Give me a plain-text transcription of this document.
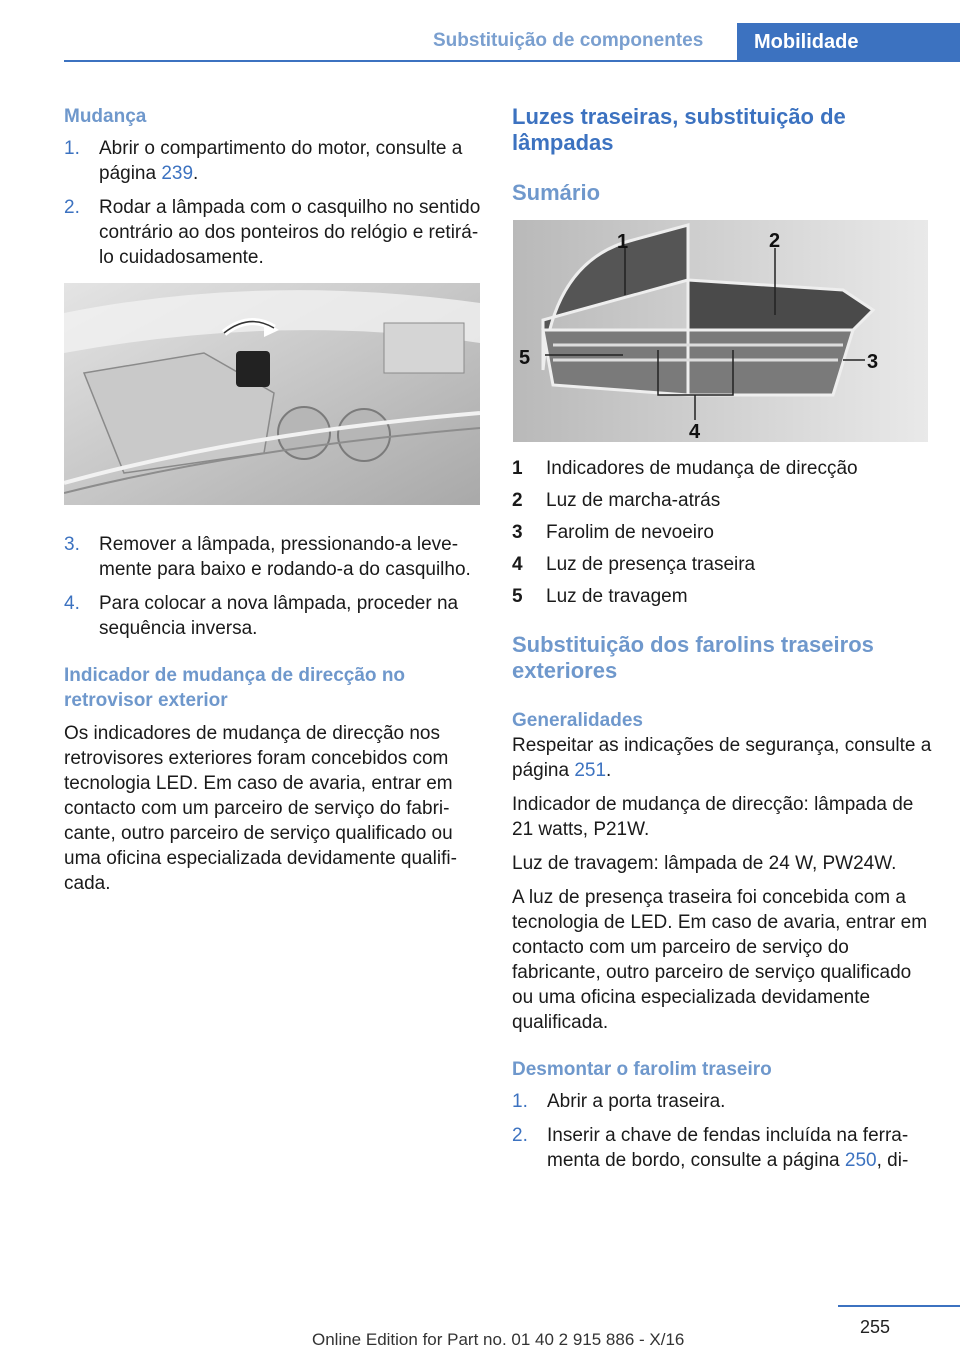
Substituição de componentes	Mobilidade
Mudança
1. Abrir o compartimento do motor, consulte a página 239.
2. Rodar a lâmpada com o casquilho no sentido contrário ao dos ponteiros do relógio e retirá-lo cuidadosamente.
3. Remover a lâmpada, pressionando-a levemente para baixo e rodando-a do casquilho.
4. Para colocar a nova lâmpada, proceder na sequência inversa.
Indicador de mudança de direcção no retrovisor exterior

Os indicadores de mudança de direcção nos retrovisores exteriores foram concebidos com tecnologia LED. Em caso de avaria, entrar em contacto com um parceiro de serviço do fabricante, outro parceiro de serviço qualificado ou uma oficina especializada devidamente qualificada.

Luzes traseiras, substituição de lâmpadas
Sumário
1 Indicadores de mudança de direcção
2 Luz de marcha-atrás
3 Farolim de nevoeiro
4 Luz de presença traseira
5 Luz de travagem
Substituição dos farolins traseiros exteriores
Generalidades

Respeitar as indicações de segurança, consulte a página 251.

Indicador de mudança de direcção: lâmpada de 21 watts, P21W.

Luz de travagem: lâmpada de 24 W, PW24W.

A luz de presença traseira foi concebida com a tecnologia de LED. Em caso de avaria, entrar em contacto com um parceiro de serviço do fabricante, outro parceiro de serviço qualificado ou uma oficina especializada devidamente qualificada.

Desmontar o farolim traseiro
1. Abrir a porta traseira.
2. Inserir a chave de fendas incluída na ferramenta de bordo, consulte a página 250, di-
1	2
3
4
5
255
Online Edition for Part no. 01 40 2 915 886 - X/16
